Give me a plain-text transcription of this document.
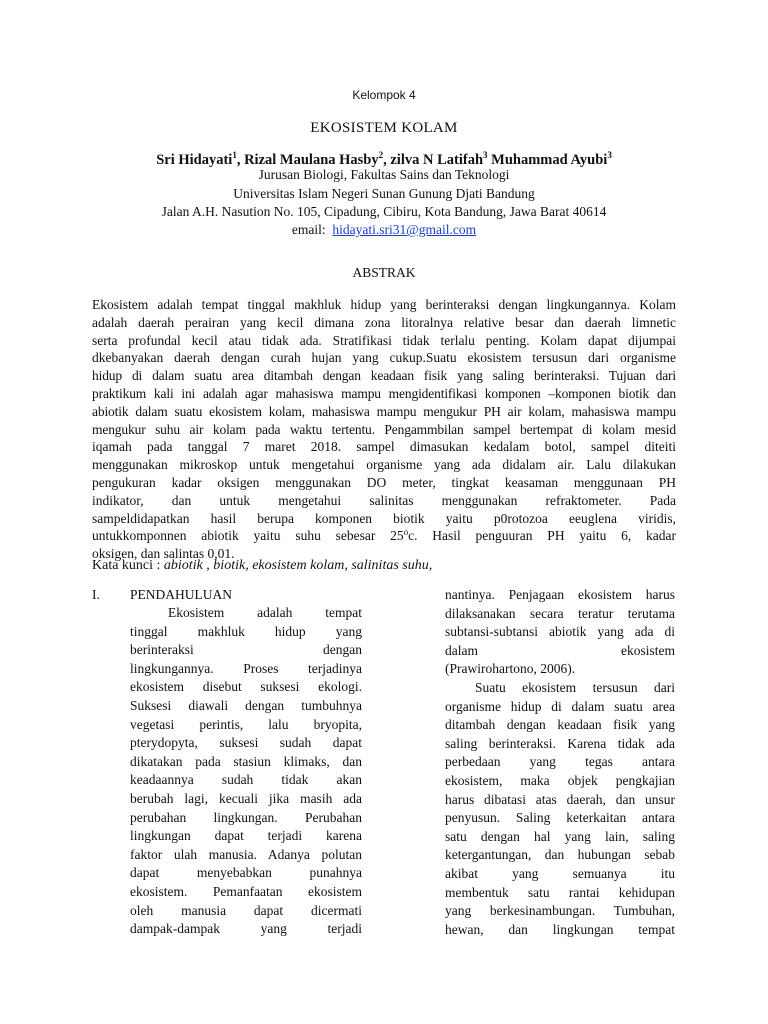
Kelompok 4
EKOSISTEM KOLAM
Sri Hidayati$^1$, Rizal Maulana Hasby$^2$, zilva N Latifah$^3$ Muhammad Ayubi$^3$
Jurusan Biologi, Fakultas Sains dan Teknologi
Universitas Islam Negeri Sunan Gunung Djati Bandung
Jalan A.H. Nasution No. 105, Cipadung, Cibiru, Kota Bandung, Jawa Barat 40614
email: hidayati.sri31@gmail.com
ABSTRAK
Ekosistem adalah tempat tinggal makhluk hidup yang berinteraksi dengan lingkungannya. Kolam
adalah daerah perairan yang kecil dimana zona litoralnya relative besar dan daerah limnetic
serta profundal kecil atau tidak ada. Stratifikasi tidak terlalu penting. Kolam dapat dijumpai
dkebanyakan daerah dengan curah hujan yang cukup.Suatu ekosistem tersusun dari organisme
hidup di dalam suatu area ditambah dengan keadaan fisik yang saling berinteraksi. Tujuan dari
praktikum kali ini adalah agar mahasiswa mampu mengidentifikasi komponen –komponen biotik dan
abiotik dalam suatu ekosistem kolam, mahasiswa mampu mengukur PH air kolam, mahasiswa mampu
mengukur suhu air kolam pada waktu tertentu. Pengammbilan sampel bertempat di kolam mesid
iqamah pada tanggal 7 maret 2018. sampel dimasukan kedalam botol, sampel diteiti
menggunakan mikroskop untuk mengetahui organisme yang ada didalam air. Lalu dilakukan
pengukuran kadar oksigen menggunakan DO meter, tingkat keasaman menggunaan PH
indikator, dan untuk mengetahui salinitas menggunakan refraktometer. Pada
sampeldidapatkan hasil berupa komponen biotik yaitu p0rotozoa eeuglena viridis,
untukkomponnen abiotik yaitu suhu sebesar 25$^o$c. Hasil penguuran PH yaitu 6, kadar
oksigen, dan salintas 0,01.
Kata kunci : abiotik , biotik, ekosistem kolam, salinitas suhu,
I. PENDAHULUAN
Ekosistem adalah tempat
tinggal makhluk hidup yang
berinteraksi dengan
lingkungannya. Proses terjadinya
ekosistem disebut suksesi ekologi.
Suksesi diawali dengan tumbuhnya
vegetasi perintis, lalu bryopita,
pterydopyta, suksesi sudah dapat
dikatakan pada stasiun klimaks, dan
keadaannya sudah tidak akan
berubah lagi, kecuali jika masih ada
perubahan lingkungan. Perubahan
lingkungan dapat terjadi karena
faktor ulah manusia. Adanya polutan
dapat menyebabkan punahnya
ekosistem. Pemanfaatan ekosistem
oleh manusia dapat dicermati
dampak-dampak yang terjadi
nantinya. Penjagaan ekosistem harus
dilaksanakan secara teratur terutama
subtansi-subtansi abiotik yang ada di
dalam ekosistem
(Prawirohartono, 2006).
Suatu ekosistem tersusun dari
organisme hidup di dalam suatu area
ditambah dengan keadaan fisik yang
saling berinteraksi. Karena tidak ada
perbedaan yang tegas antara
ekosistem, maka objek pengkajian
harus dibatasi atas daerah, dan unsur
penyusun. Saling keterkaitan antara
satu dengan hal yang lain, saling
ketergantungan, dan hubungan sebab
akibat yang semuanya itu
membentuk satu rantai kehidupan
yang berkesinambungan. Tumbuhan,
hewan, dan lingkungan tempat
